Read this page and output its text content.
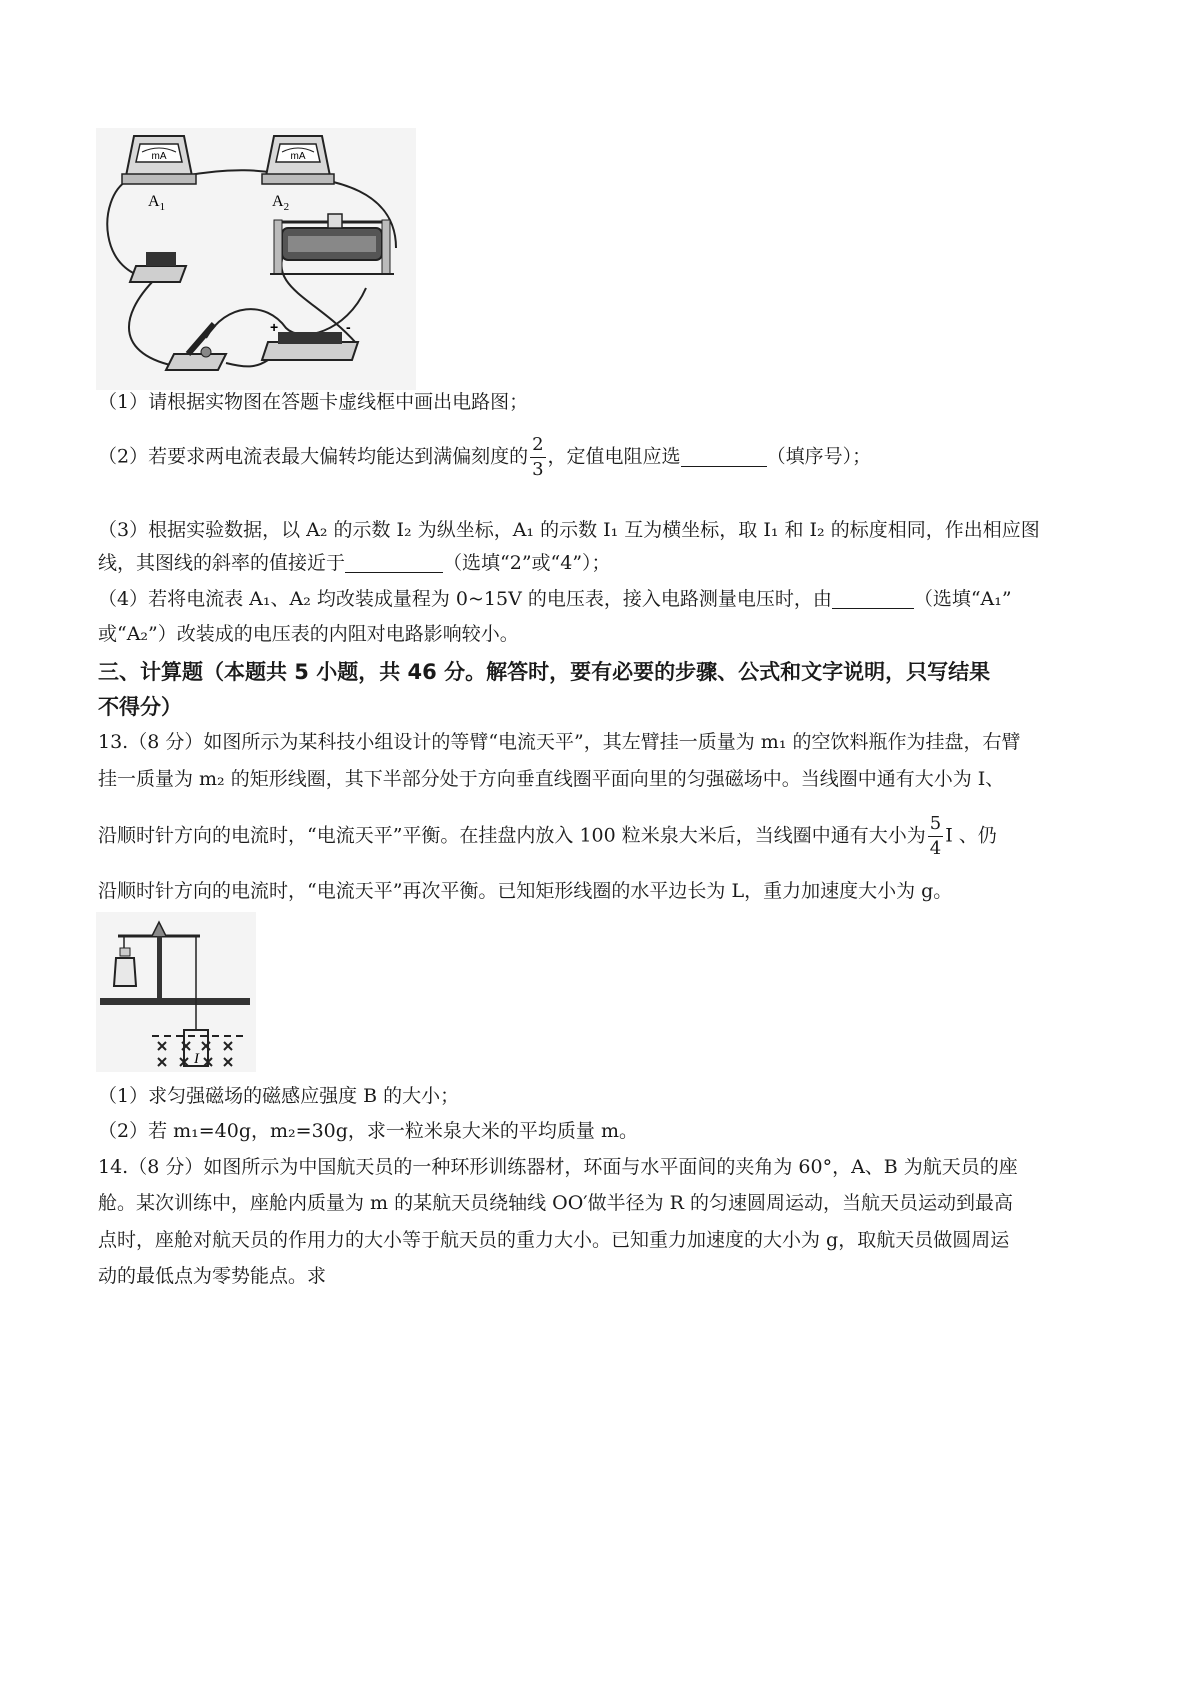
mA
$A_1$
mA
$A_2$
+	-
（1）请根据实物图在答题卡虚线框中画出电路图；
（2）若要求两电流表最大偏转均能达到满偏刻度的 $\frac{2}{3}$ ，定值电阻应选	（填序号）；
（3）根据实验数据，以 A₂ 的示数 I₂ 为纵坐标，A₁ 的示数 I₁ 互为横坐标，取 I₁ 和 I₂ 的标度相同，作出相应图
线，其图线的斜率的值接近于	（选填“2”或“4”）；
（4）若将电流表 A₁、A₂ 均改装成量程为 0~15V 的电压表，接入电路测量电压时，由	（选填“A₁”
或“A₂”）改装成的电压表的内阻对电路影响较小。
三、计算题（本题共 5 小题，共 46 分。解答时，要有必要的步骤、公式和文字说明，只写结果
不得分）
13.（8 分）如图所示为某科技小组设计的等臂“电流天平”，其左臂挂一质量为 m₁ 的空饮料瓶作为挂盘，右臂
挂一质量为 m₂ 的矩形线圈，其下半部分处于方向垂直线圈平面向里的匀强磁场中。当线圈中通有大小为 I、
沿顺时针方向的电流时，“电流天平”平衡。在挂盘内放入 100 粒米泉大米后，当线圈中通有大小为 $\frac{5}{4}$ I 、仍
沿顺时针方向的电流时，“电流天平”再次平衡。已知矩形线圈的水平边长为 L，重力加速度大小为 g。
I
（1）求匀强磁场的磁感应强度 B 的大小；
（2）若 m₁=40g，m₂=30g，求一粒米泉大米的平均质量 m。
14.（8 分）如图所示为中国航天员的一种环形训练器材，环面与水平面间的夹角为 60°，A、B 为航天员的座
舱。某次训练中，座舱内质量为 m 的某航天员绕轴线 OO′做半径为 R 的匀速圆周运动，当航天员运动到最高
点时，座舱对航天员的作用力的大小等于航天员的重力大小。已知重力加速度的大小为 g，取航天员做圆周运
动的最低点为零势能点。求
